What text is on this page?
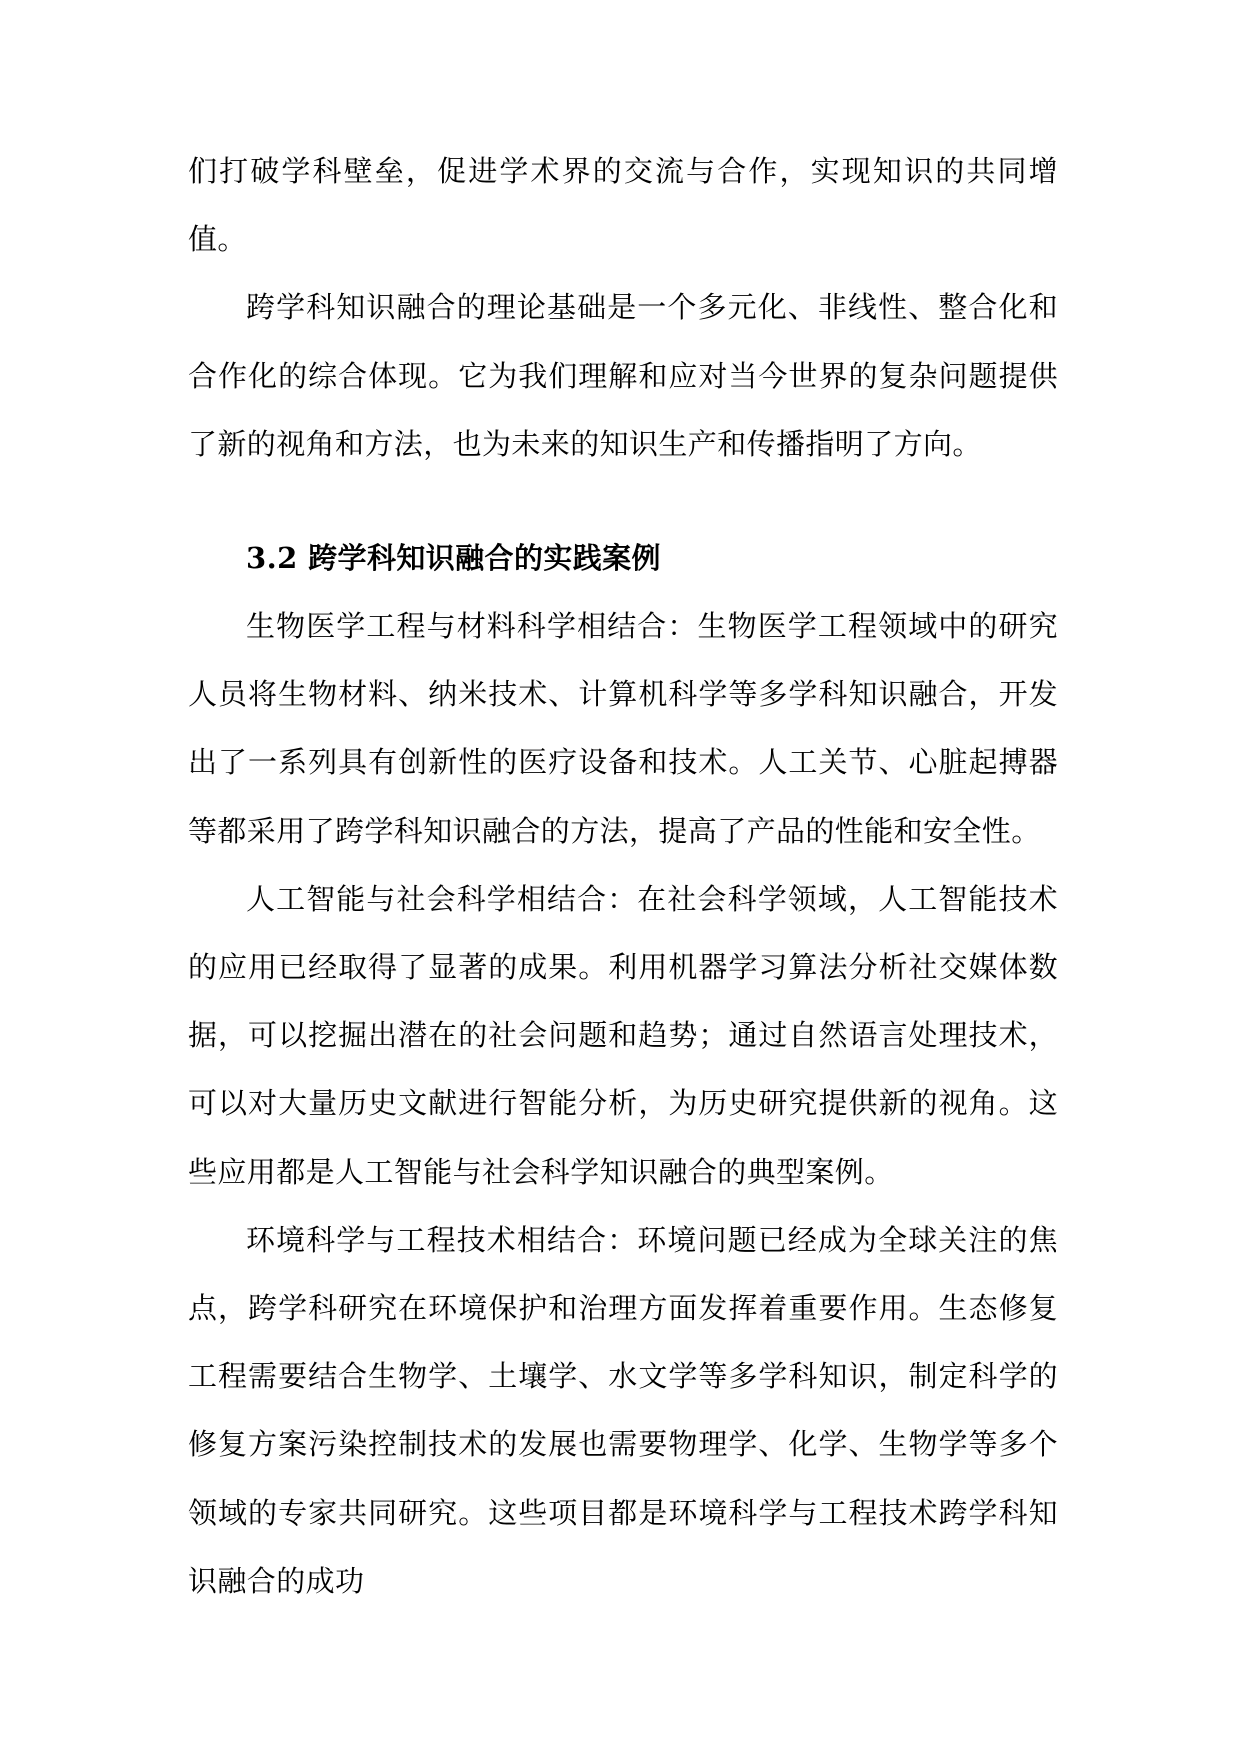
们打破学科壁垒，促进学术界的交流与合作，实现知识的共同增值。

跨学科知识融合的理论基础是一个多元化、非线性、整合化和合作化的综合体现。它为我们理解和应对当今世界的复杂问题提供了新的视角和方法，也为未来的知识生产和传播指明了方向。

3.2 跨学科知识融合的实践案例

生物医学工程与材料科学相结合：生物医学工程领域中的研究人员将生物材料、纳米技术、计算机科学等多学科知识融合，开发出了一系列具有创新性的医疗设备和技术。人工关节、心脏起搏器等都采用了跨学科知识融合的方法，提高了产品的性能和安全性。

人工智能与社会科学相结合：在社会科学领域，人工智能技术的应用已经取得了显著的成果。利用机器学习算法分析社交媒体数据，可以挖掘出潜在的社会问题和趋势；通过自然语言处理技术，可以对大量历史文献进行智能分析，为历史研究提供新的视角。这些应用都是人工智能与社会科学知识融合的典型案例。

环境科学与工程技术相结合：环境问题已经成为全球关注的焦点，跨学科研究在环境保护和治理方面发挥着重要作用。生态修复工程需要结合生物学、土壤学、水文学等多学科知识，制定科学的修复方案污染控制技术的发展也需要物理学、化学、生物学等多个领域的专家共同研究。这些项目都是环境科学与工程技术跨学科知识融合的成功
